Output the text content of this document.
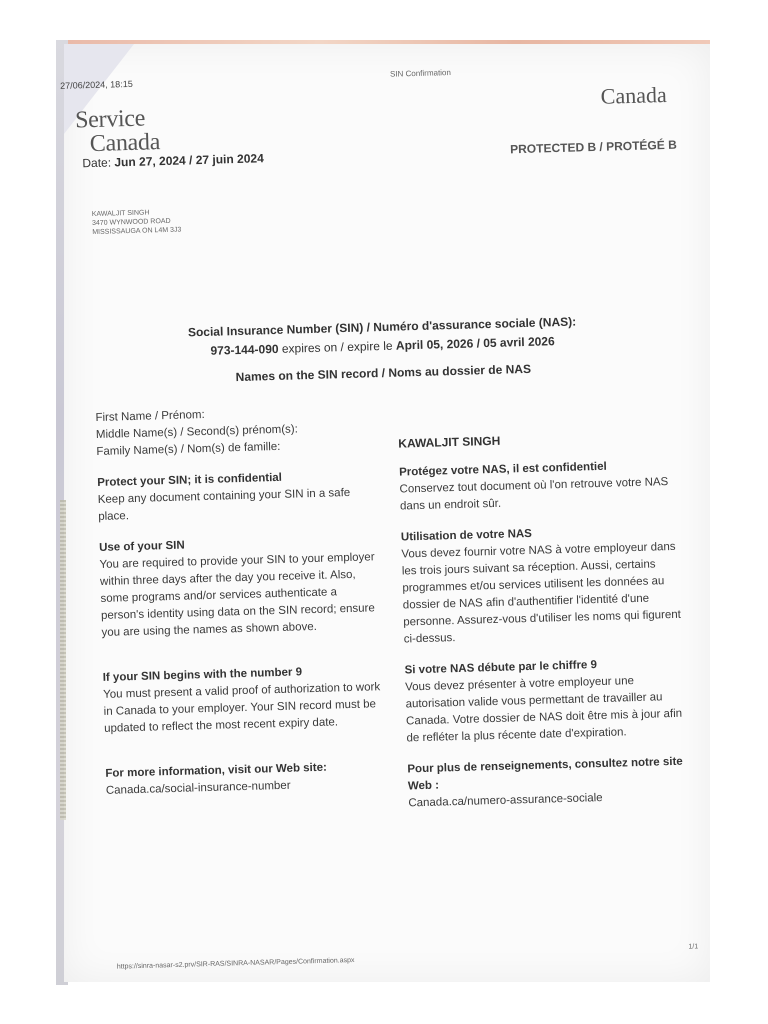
27/06/2024, 18:15
SIN Confirmation
Service
Canada
Canada
Date: Jun 27, 2024 / 27 juin 2024
PROTECTED B / PROTÉGÉ B
KAWALJIT SINGH
3470 WYNWOOD ROAD
MISSISSAUGA ON L4M 3J3
Social Insurance Number (SIN) / Numéro d'assurance sociale (NAS):
973-144-090 expires on / expire le April 05, 2026 / 05 avril 2026
Names on the SIN record / Noms au dossier de NAS
First Name / Prénom:
Middle Name(s) / Second(s) prénom(s):
Family Name(s) / Nom(s) de famille:
Protect your SIN; it is confidential
Keep any document containing your SIN in a safe place.
Use of your SIN
You are required to provide your SIN to your employer within three days after the day you receive it. Also, some programs and/or services authenticate a person's identity using data on the SIN record; ensure you are using the names as shown above.
If your SIN begins with the number 9
You must present a valid proof of authorization to work in Canada to your employer. Your SIN record must be updated to reflect the most recent expiry date.
For more information, visit our Web site:
Canada.ca/social-insurance-number
KAWALJIT SINGH
Protégez votre NAS, il est confidentiel
Conservez tout document où l'on retrouve votre NAS dans un endroit sûr.
Utilisation de votre NAS
Vous devez fournir votre NAS à votre employeur dans les trois jours suivant sa réception. Aussi, certains programmes et/ou services utilisent les données au dossier de NAS afin d'authentifier l'identité d'une personne. Assurez-vous d'utiliser les noms qui figurent ci-dessus.
Si votre NAS débute par le chiffre 9
Vous devez présenter à votre employeur une autorisation valide vous permettant de travailler au Canada. Votre dossier de NAS doit être mis à jour afin de refléter la plus récente date d'expiration.
Pour plus de renseignements, consultez notre site Web :
Canada.ca/numero-assurance-sociale
https://sinra-nasar-s2.prv/SIR-RAS/SINRA-NASAR/Pages/Confirmation.aspx
1/1
